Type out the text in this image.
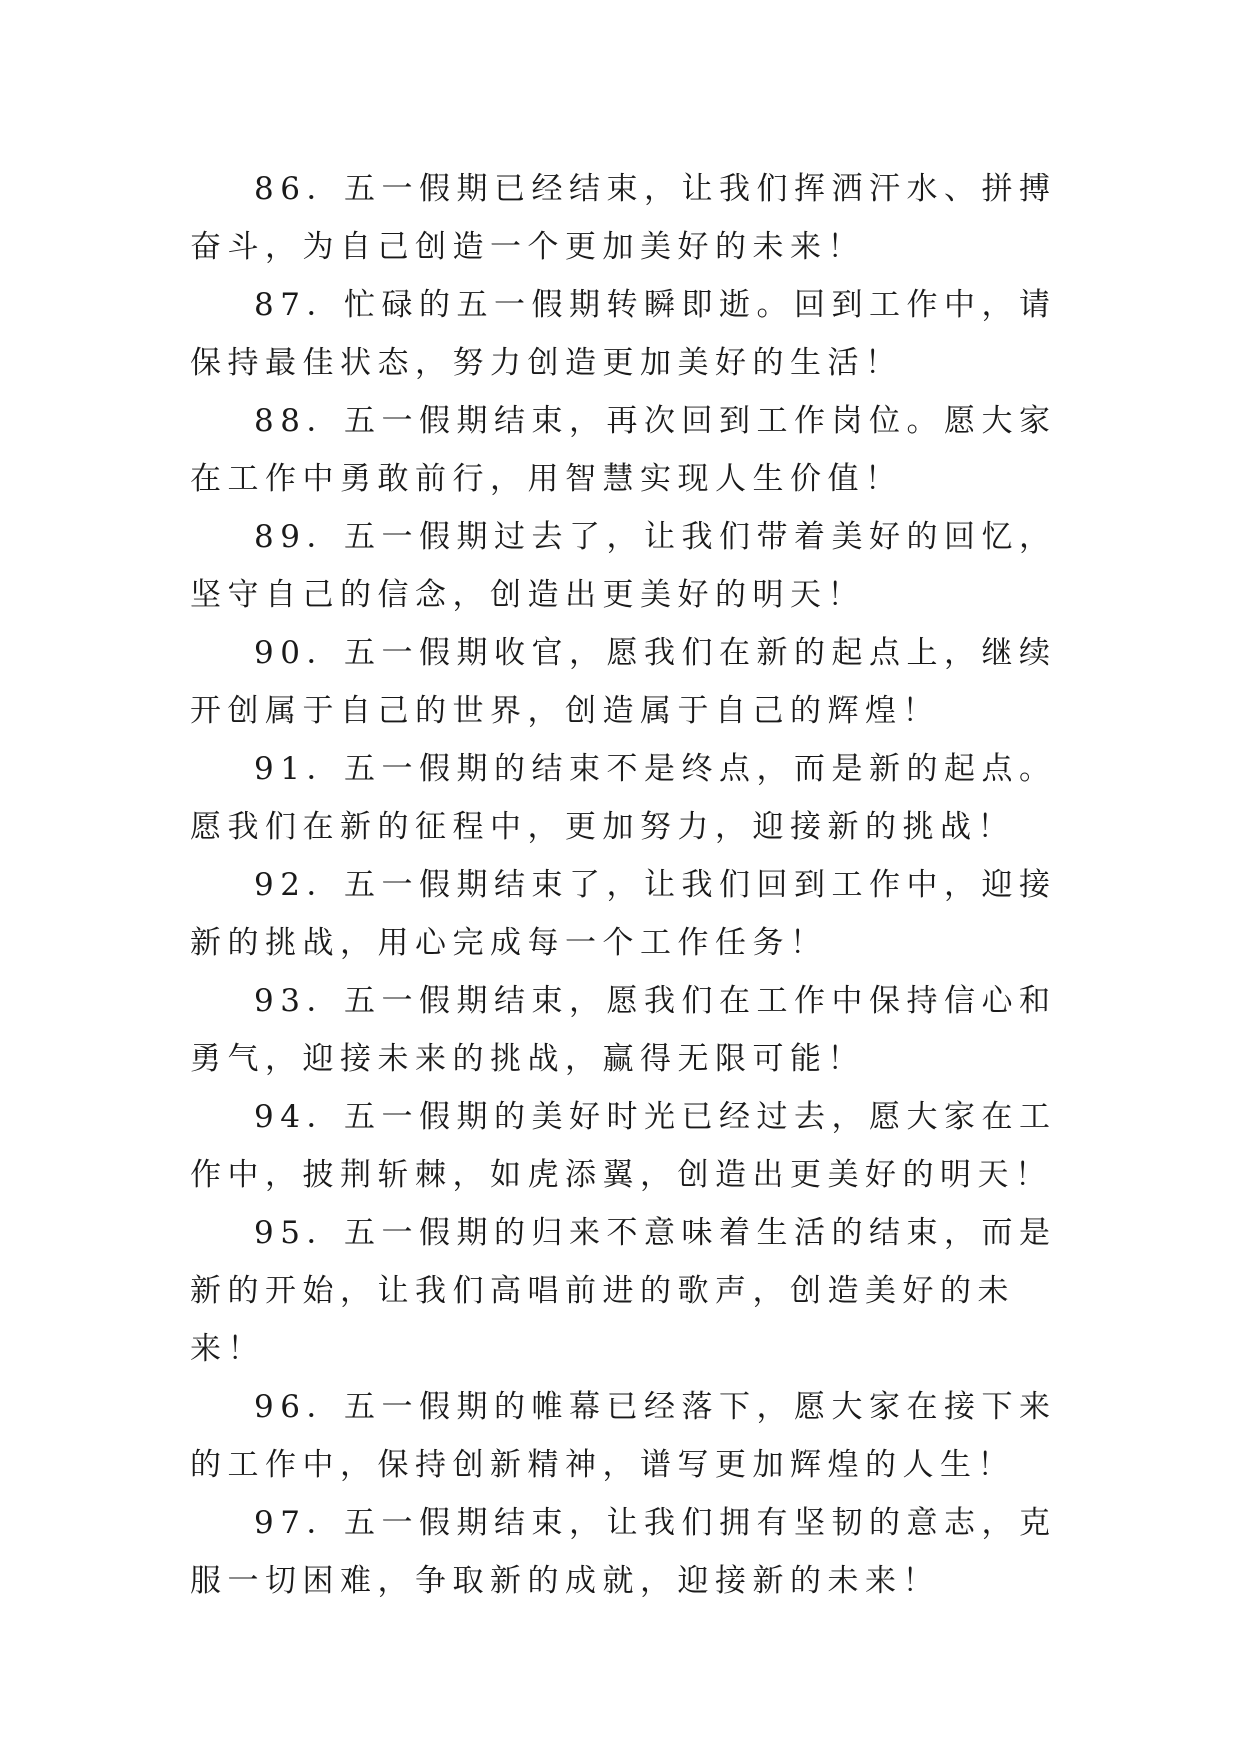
86．五一假期已经结束，让我们挥洒汗水、拼搏奋斗，为自己创造一个更加美好的未来！

87．忙碌的五一假期转瞬即逝。回到工作中，请保持最佳状态，努力创造更加美好的生活！

88．五一假期结束，再次回到工作岗位。愿大家在工作中勇敢前行，用智慧实现人生价值！

89．五一假期过去了，让我们带着美好的回忆，坚守自己的信念，创造出更美好的明天！

90．五一假期收官，愿我们在新的起点上，继续开创属于自己的世界，创造属于自己的辉煌！

91．五一假期的结束不是终点，而是新的起点。愿我们在新的征程中，更加努力，迎接新的挑战！

92．五一假期结束了，让我们回到工作中，迎接新的挑战，用心完成每一个工作任务！

93．五一假期结束，愿我们在工作中保持信心和勇气，迎接未来的挑战，赢得无限可能！

94．五一假期的美好时光已经过去，愿大家在工作中，披荆斩棘，如虎添翼，创造出更美好的明天！

95．五一假期的归来不意味着生活的结束，而是新的开始，让我们高唱前进的歌声，创造美好的未来！

96．五一假期的帷幕已经落下，愿大家在接下来的工作中，保持创新精神，谱写更加辉煌的人生！

97．五一假期结束，让我们拥有坚韧的意志，克服一切困难，争取新的成就，迎接新的未来！
